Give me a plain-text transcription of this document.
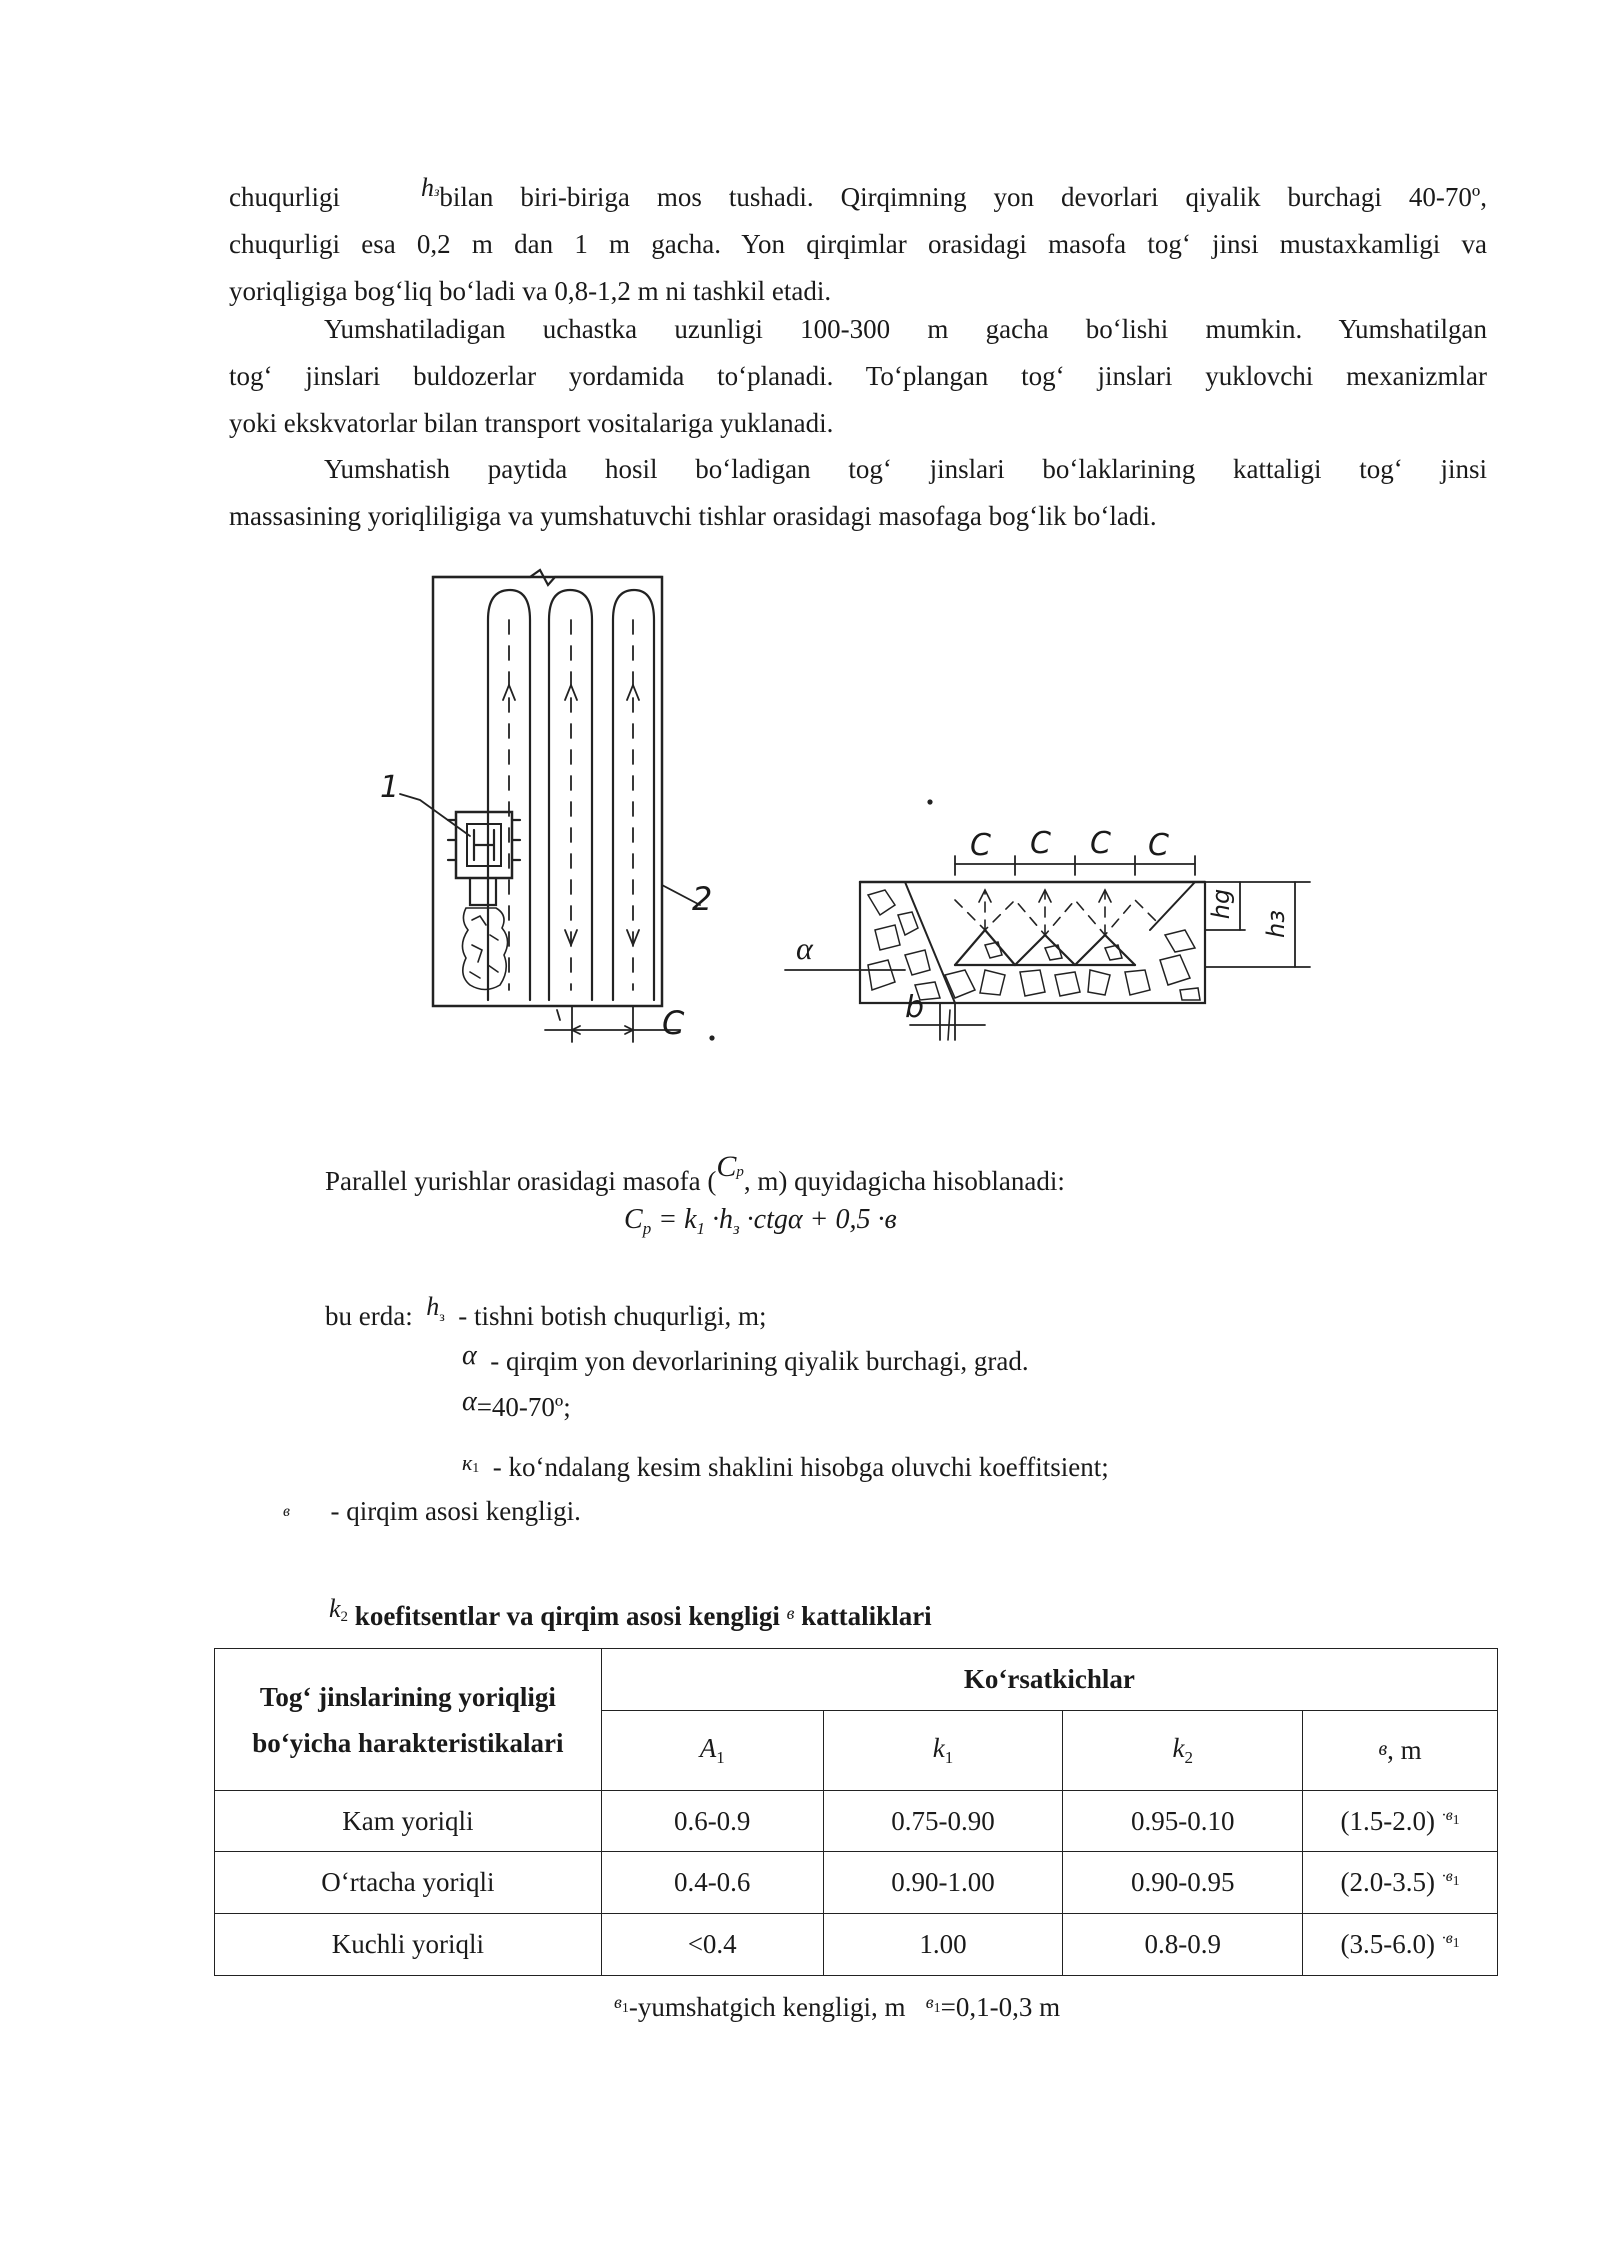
chuqurligi	hзbilan biri-biriga mos tushadi. Qirqimning yon devorlari qiyalik burchagi 40-70º,
chuqurligi esa 0,2 m dan 1 m gacha. Yon qirqimlar orasidagi masofa tog‘ jinsi mustaxkamligi va
yoriqligiga bog‘liq bo‘ladi va 0,8-1,2 m ni tashkil etadi.
Yumshatiladigan uchastka uzunligi 100-300 m gacha bo‘lishi mumkin. Yumshatilgan
tog‘ jinslari buldozerlar yordamida to‘planadi. To‘plangan tog‘ jinslari yuklovchi mexanizmlar
yoki ekskvatorlar bilan transport vositalariga yuklanadi.
Yumshatish paytida hosil bo‘ladigan tog‘ jinslari bo‘laklarining kattaligi tog‘ jinsi
massasining yoriqliligiga va yumshatuvchi tishlar orasidagi masofaga bog‘lik bo‘ladi.
1
2
C
C C C C
hg
hз
α
b
Parallel yurishlar orasidagi masofa ($C^p$, m) quyidagicha hisoblanadi:
$C_p = k_1 \cdot h_з \cdot ctg\alpha + 0,5 \cdot в$
bu erda: hз - tishni botish chuqurligi, m;
α - qirqim yon devorlarining qiyalik burchagi, grad.
α=40-70º;
$^к$1 - ko‘ndalang kesim shaklini hisobga oluvchi koeffitsient;
в - qirqim asosi kengligi.
k2 koefitsentlar va qirqim asosi kengligi $^в$ kattaliklari
Tog‘ jinslarining yoriqligi bo‘yicha harakteristikalari	Ko‘rsatkichlar			
	$A_1$	$k_1$	$k_2$	в, m
Kam yoriqli	0.6-0.9	0.75-0.90	0.95-0.10	(1.5-2.0) $^{\cdot в1}$
O‘rtacha yoriqli	0.4-0.6	0.90-1.00	0.90-0.95	(2.0-3.5) $^{\cdot в1}$
Kuchli yoriqli	<0.4	1.00	0.8-0.9	(3.5-6.0) $^{\cdot в1}$
$^в$1-yumshatgich kengligi, m $^в$1=0,1-0,3 m
